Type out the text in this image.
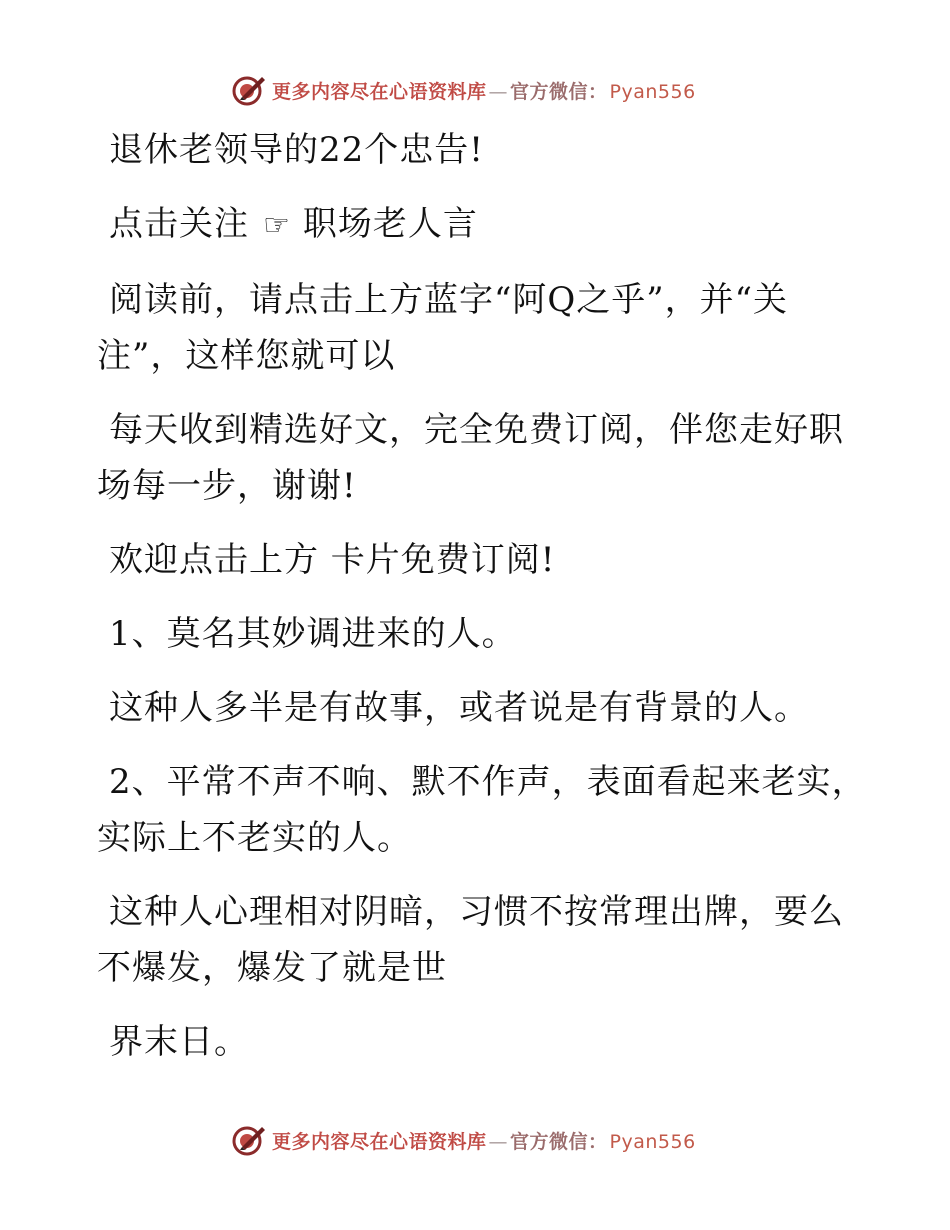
更多内容尽在心语资料库 — 官方微信： Pyan556
退休老领导的22个忠告!
点击关注 ☞ 职场老人言
阅读前，请点击上方蓝字“阿Q之乎”，并“关
注”，这样您就可以
每天收到精选好文，完全免费订阅，伴您走好职
场每一步，谢谢!
欢迎点击上方 卡片免费订阅!
1、莫名其妙调进来的人。
这种人多半是有故事，或者说是有背景的人。
2、平常不声不响、默不作声，表面看起来老实，
实际上不老实的人。
这种人心理相对阴暗，习惯不按常理出牌，要么
不爆发，爆发了就是世
界末日。
更多内容尽在心语资料库 — 官方微信： Pyan556
